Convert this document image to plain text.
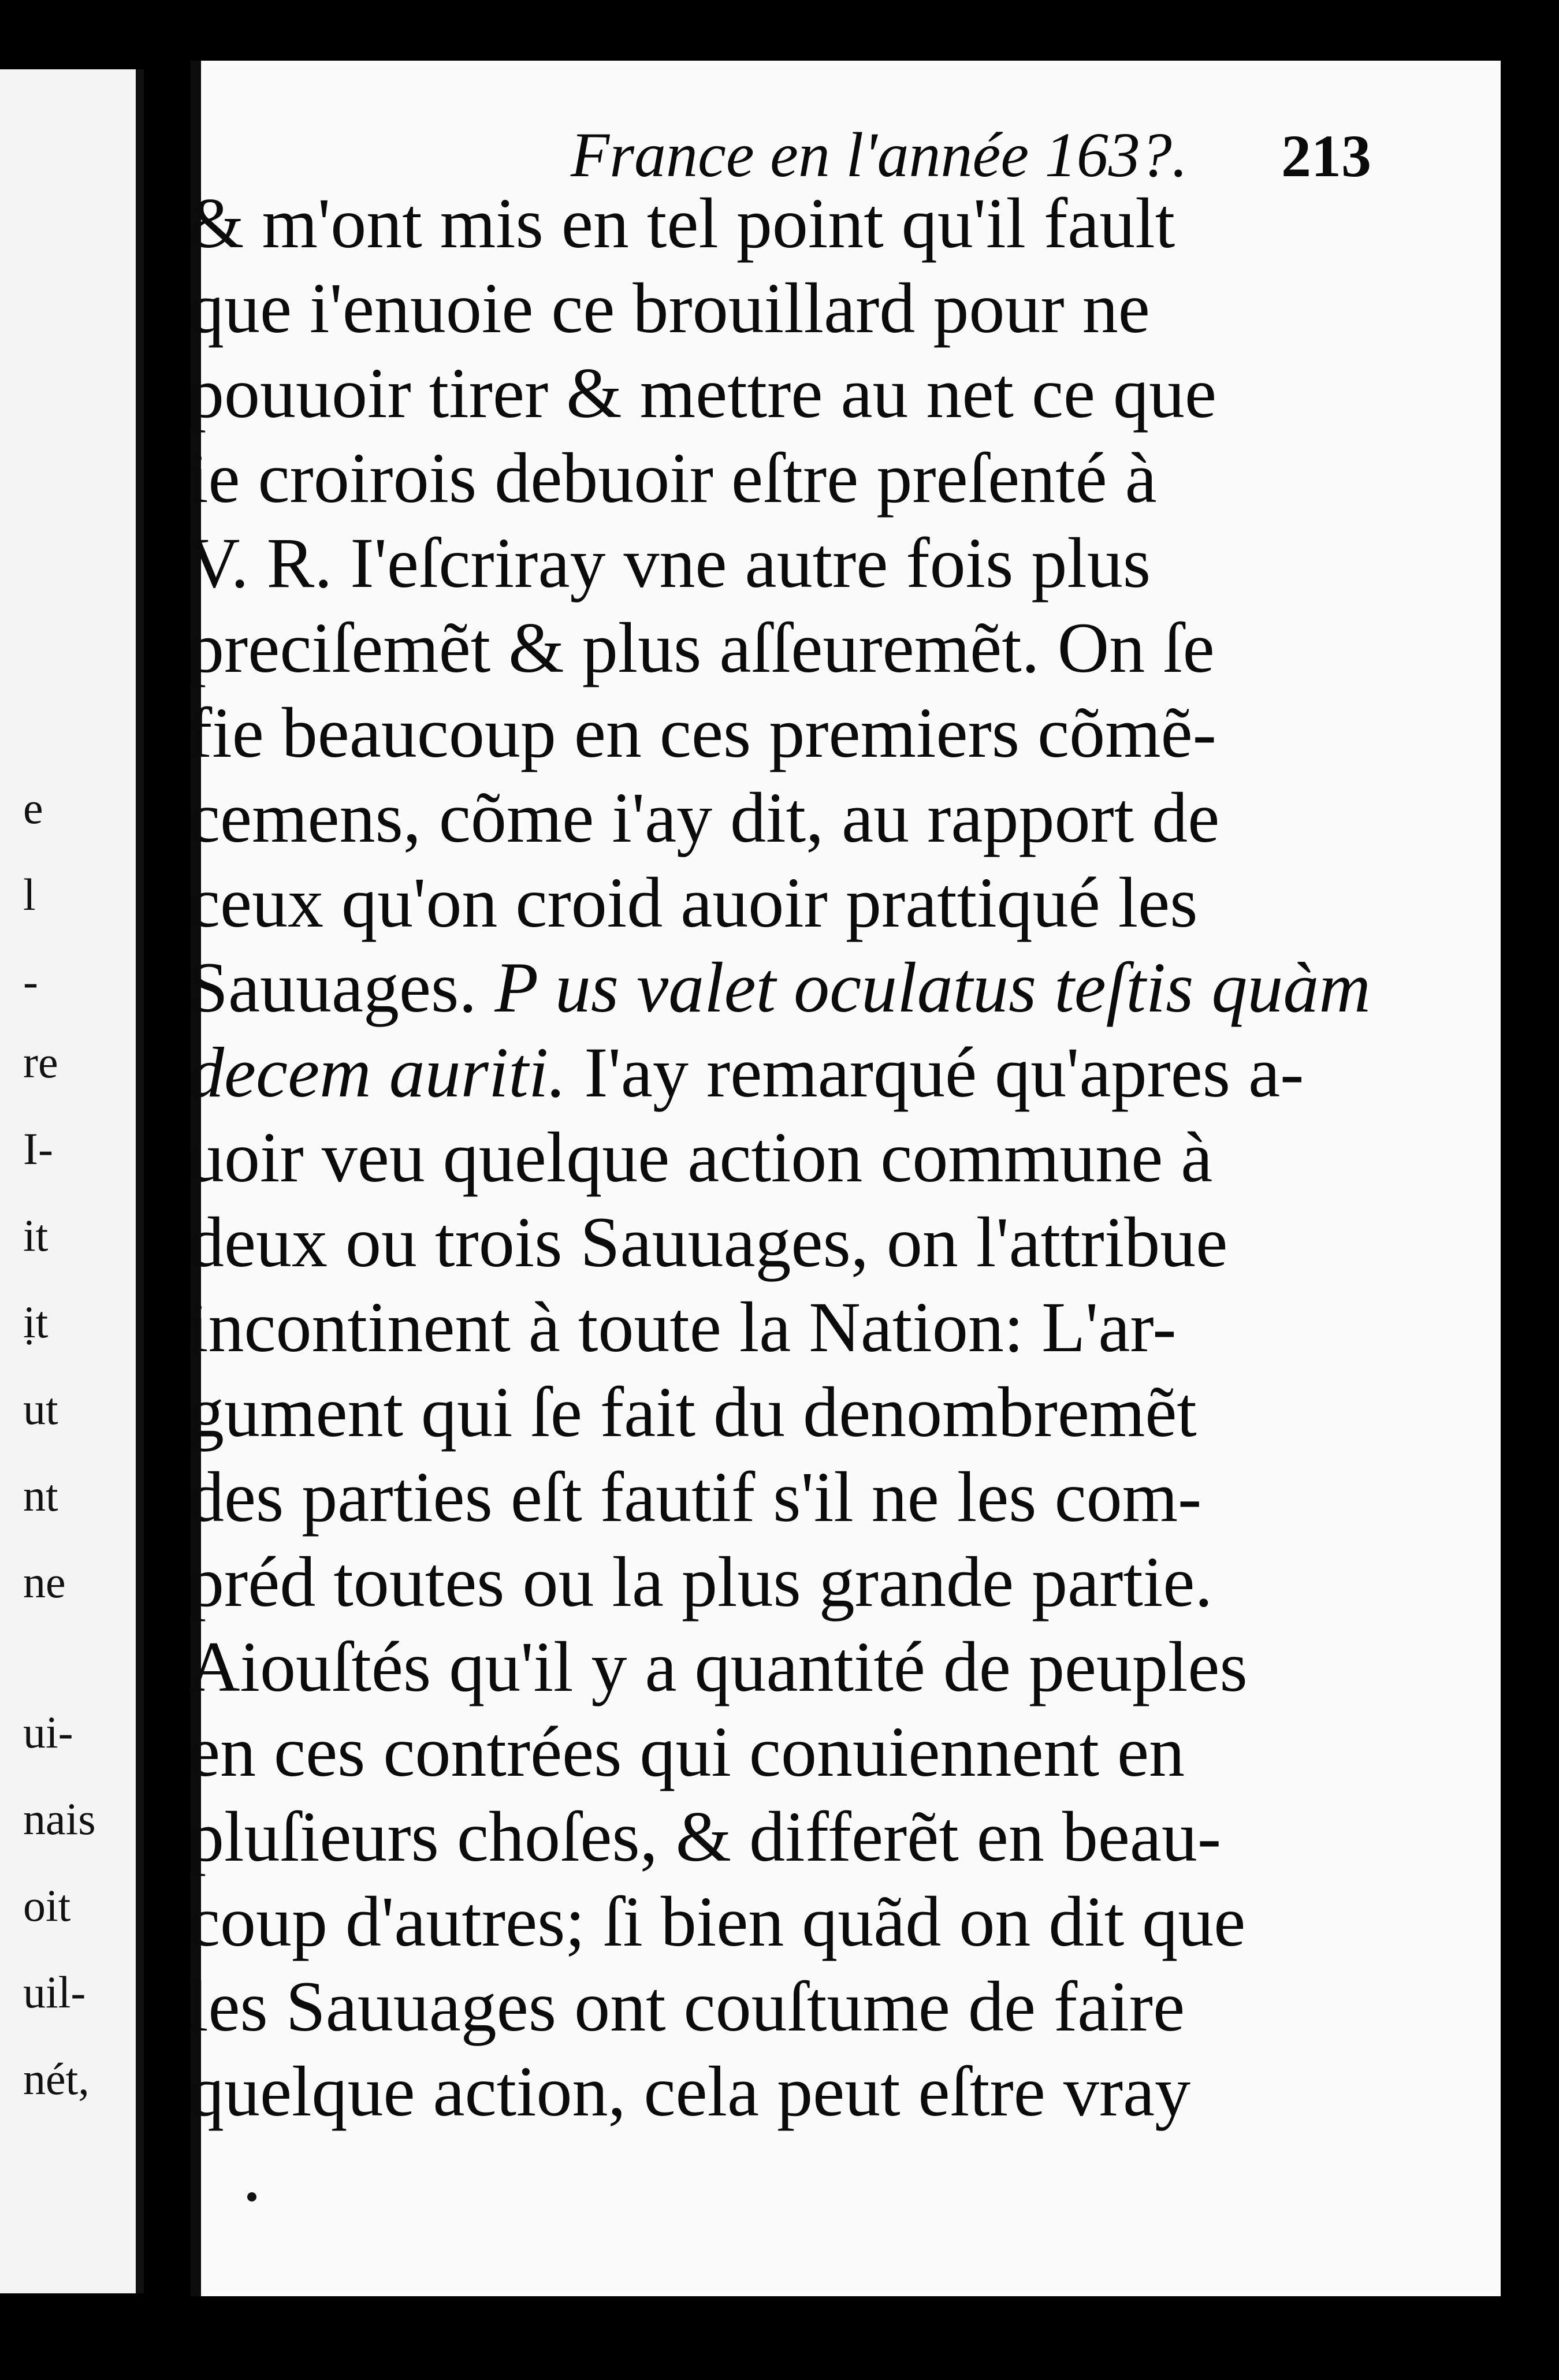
e
l
-
re
I-
it
ịt
ut
nt
ne
ui-
nais
oit
uil-
nét,
France en l'année 163?. 213
& m'ont mis en tel point qu'il fault
que i'enuoie ce brouillard pour ne
pouuoir tirer & mettre au net ce que
ie croirois debuoir eſtre preſenté à
V. R. I'eſcriray vne autre fois plus
preciſemẽt & plus aſſeuremẽt. On ſe
fie beaucoup en ces premiers cõmẽ-
cemens, cõme i'ay dit, au rapport de
ceux qu'on croid auoir prattiqué les
Sauuages. P us valet oculatus teſtis quàm
decem auriti. I'ay remarqué qu'apres a-
uoir veu quelque action commune à
deux ou trois Sauuages, on l'attribue
incontinent à toute la Nation: L'ar-
gument qui ſe fait du denombremẽt
des parties eſt fautif s'il ne les com-
préd toutes ou la plus grande partie.
Aiouſtés qu'il y a quantité de peuples
en ces contrées qui conuiennent en
pluſieurs choſes, & differẽt en beau-
coup d'autres; ſi bien quãd on dit que
les Sauuages ont couſtume de faire
quelque action, cela peut eſtre vray
